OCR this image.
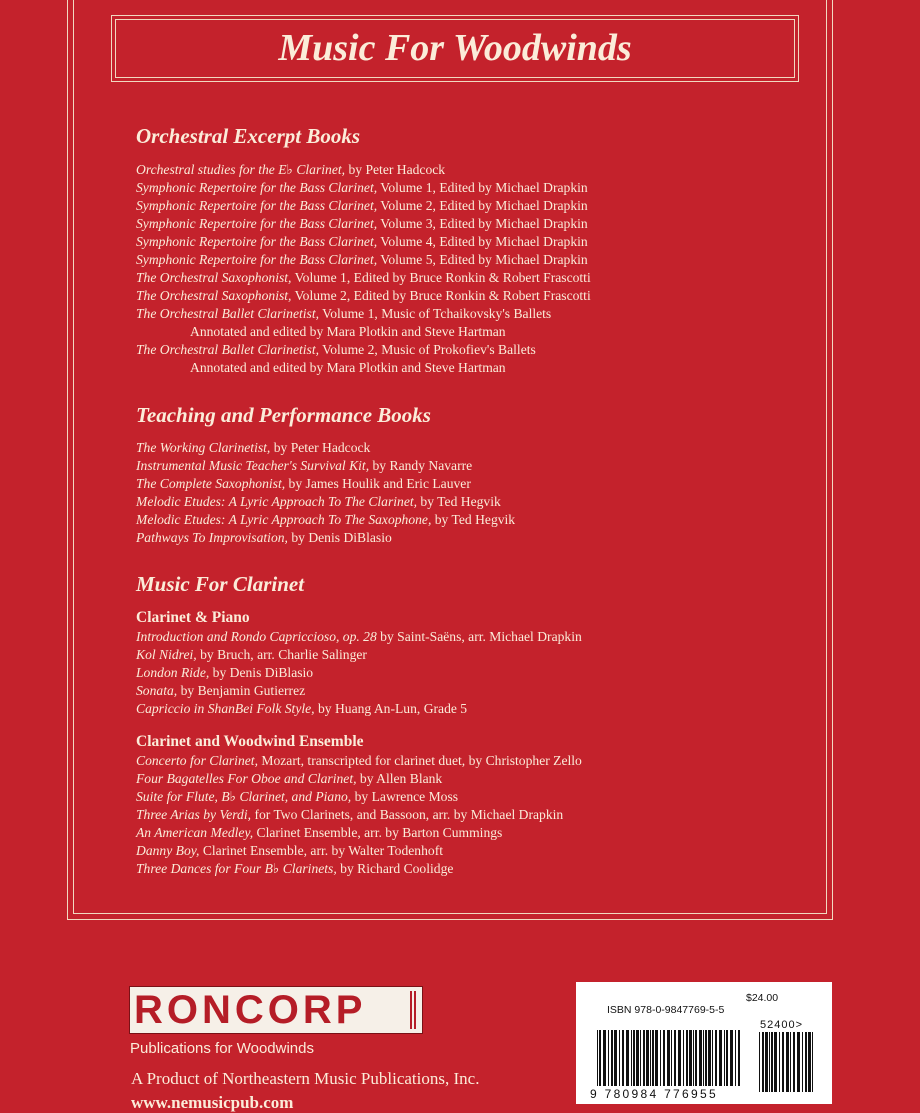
Music For Woodwinds
Orchestral Excerpt Books
Orchestral studies for the E♭ Clarinet, by Peter Hadcock
Symphonic Repertoire for the Bass Clarinet, Volume 1, Edited by Michael Drapkin
Symphonic Repertoire for the Bass Clarinet, Volume 2, Edited by Michael Drapkin
Symphonic Repertoire for the Bass Clarinet, Volume 3, Edited by Michael Drapkin
Symphonic Repertoire for the Bass Clarinet, Volume 4, Edited by Michael Drapkin
Symphonic Repertoire for the Bass Clarinet, Volume 5, Edited by Michael Drapkin
The Orchestral Saxophonist, Volume 1, Edited by Bruce Ronkin & Robert Frascotti
The Orchestral Saxophonist, Volume 2, Edited by Bruce Ronkin & Robert Frascotti
The Orchestral Ballet Clarinetist, Volume 1, Music of Tchaikovsky's Ballets
Annotated and edited by Mara Plotkin and Steve Hartman
The Orchestral Ballet Clarinetist, Volume 2, Music of Prokofiev's Ballets
Annotated and edited by Mara Plotkin and Steve Hartman
Teaching and Performance Books
The Working Clarinetist, by Peter Hadcock
Instrumental Music Teacher's Survival Kit, by Randy Navarre
The Complete Saxophonist, by James Houlik and Eric Lauver
Melodic Etudes: A Lyric Approach To The Clarinet, by Ted Hegvik
Melodic Etudes: A Lyric Approach To The Saxophone, by Ted Hegvik
Pathways To Improvisation, by Denis DiBlasio
Music For Clarinet
Clarinet & Piano
Introduction and Rondo Capriccioso, op. 28 by Saint-Saëns, arr. Michael Drapkin
Kol Nidrei, by Bruch, arr. Charlie Salinger
London Ride, by Denis DiBlasio
Sonata, by Benjamin Gutierrez
Capriccio in ShanBei Folk Style, by Huang An-Lun, Grade 5
Clarinet and Woodwind Ensemble
Concerto for Clarinet, Mozart, transcripted for clarinet duet, by Christopher Zello
Four Bagatelles For Oboe and Clarinet, by Allen Blank
Suite for Flute, B♭ Clarinet, and Piano, by Lawrence Moss
Three Arias by Verdi, for Two Clarinets, and Bassoon, arr. by Michael Drapkin
An American Medley, Clarinet Ensemble, arr. by Barton Cummings
Danny Boy, Clarinet Ensemble, arr. by Walter Todenhoft
Three Dances for Four B♭ Clarinets, by Richard Coolidge
RONCORP
Publications for Woodwinds
A Product of Northeastern Music Publications, Inc.
www.nemusicpub.com
ISBN 978-0-9847769-5-5
$24.00
52400>
9 780984 776955
